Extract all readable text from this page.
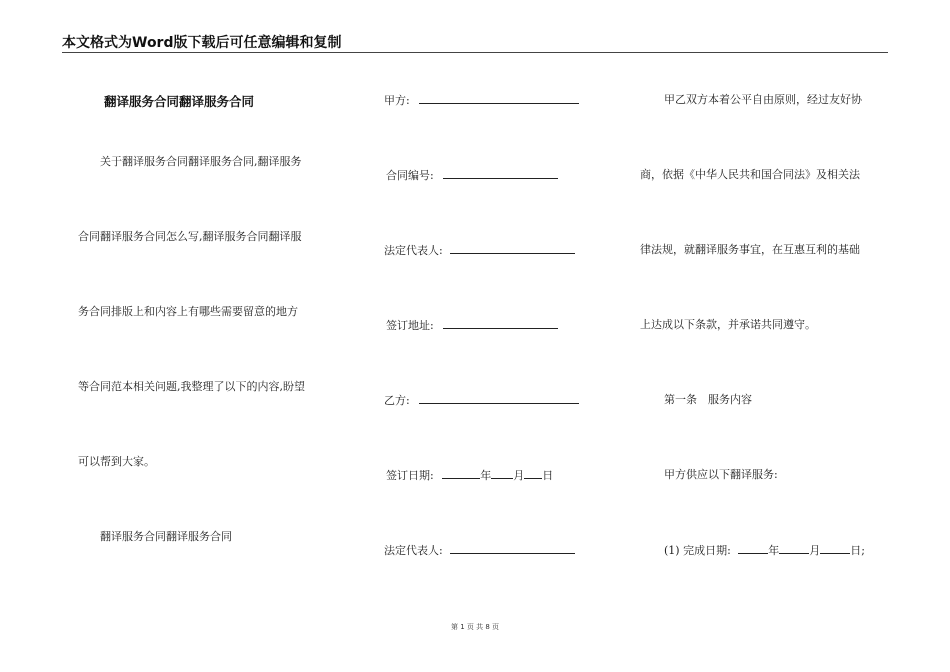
本文格式为Word版下载后可任意编辑和复制
翻译服务合同翻译服务合同
关于翻译服务合同翻译服务合同,翻译服务
合同翻译服务合同怎么写,翻译服务合同翻译服
务合同排版上和内容上有哪些需要留意的地方
等合同范本相关问题,我整理了以下的内容,盼望
可以帮到大家。
翻译服务合同翻译服务合同
甲方:
合同编号:
法定代表人:
签订地址:
乙方:
签订日期:	年 月 日
法定代表人:
甲乙双方本着公平自由原则，经过友好协
商，依据《中华人民共和国合同法》及相关法
律法规，就翻译服务事宜，在互惠互利的基础
上达成以下条款，并承诺共同遵守。
第一条　服务内容
甲方供应以下翻译服务:
(1) 完成日期:	年	月	日;
第 1 页 共 8 页
